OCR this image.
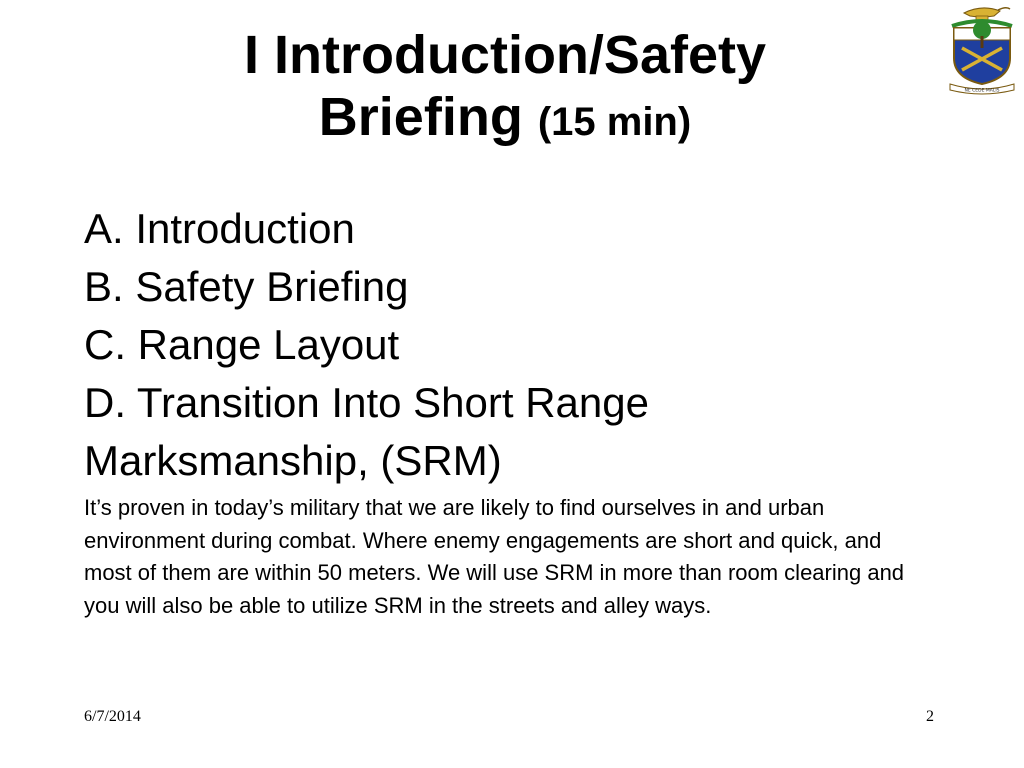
I Introduction/Safety Briefing (15 min)
NE CEDE MALIS

A. Introduction

B. Safety Briefing

C. Range Layout

D. Transition Into Short Range Marksmanship, (SRM)

It’s proven in today’s military that we are likely to find ourselves in and urban environment during combat. Where enemy engagements are short and quick, and most of them are within 50 meters. We will use SRM in more than room clearing and you will also be able to utilize SRM in the streets and alley ways.

6/7/2014	2
